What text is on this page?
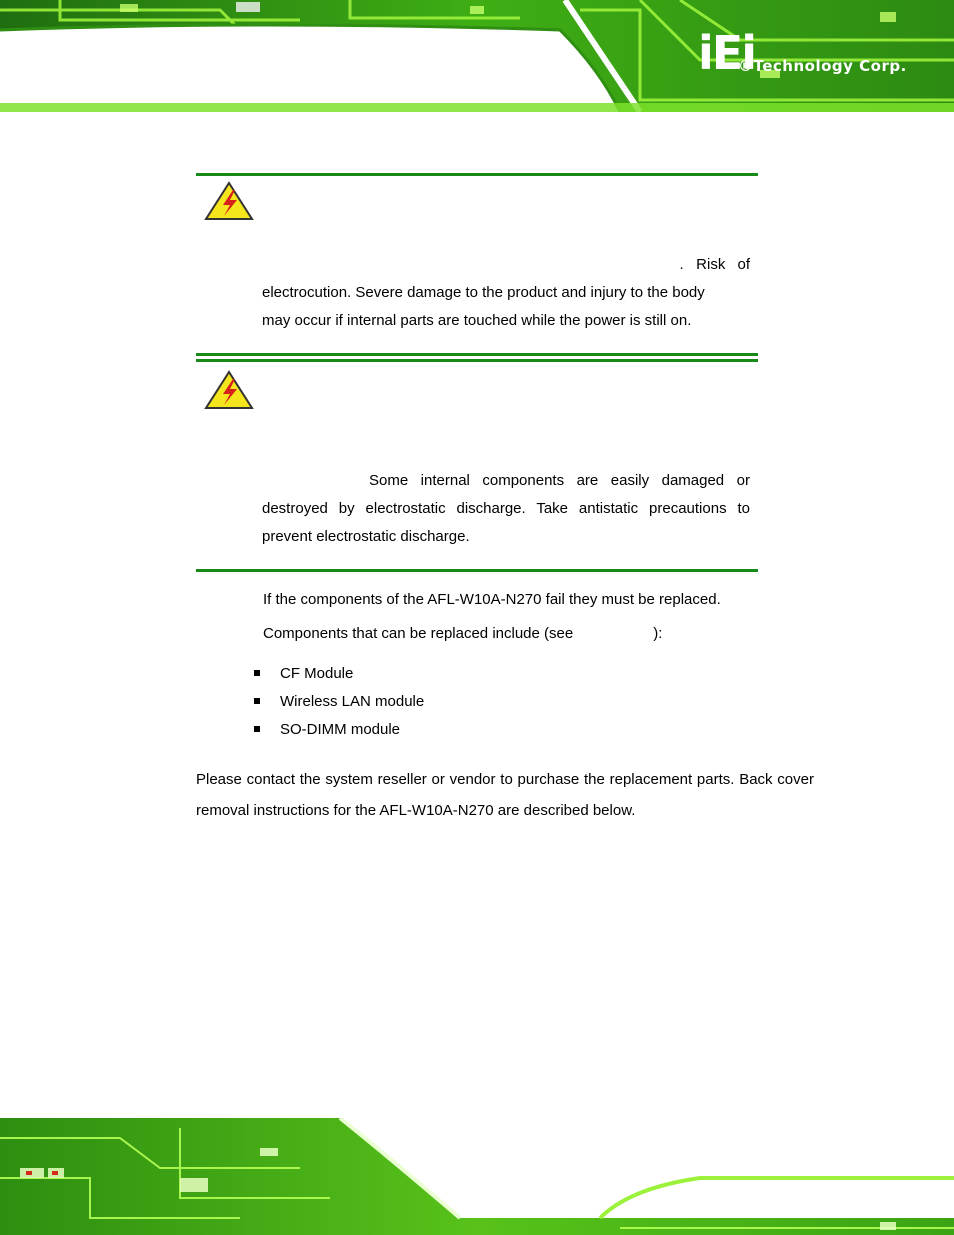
iEi
®Technology Corp.
. Risk of
electrocution. Severe damage to the product and injury to the body
may occur if internal parts are touched while the power is still on.
Some internal components are easily damaged or
destroyed by electrostatic discharge. Take antistatic precautions to
prevent electrostatic discharge.

If the components of the AFL-W10A-N270 fail they must be replaced.

Components that can be replaced include (see	):

CF Module
Wireless LAN module
SO-DIMM module

Please contact the system reseller or vendor to purchase the replacement parts. Back cover removal instructions for the AFL-W10A-N270 are described below.
